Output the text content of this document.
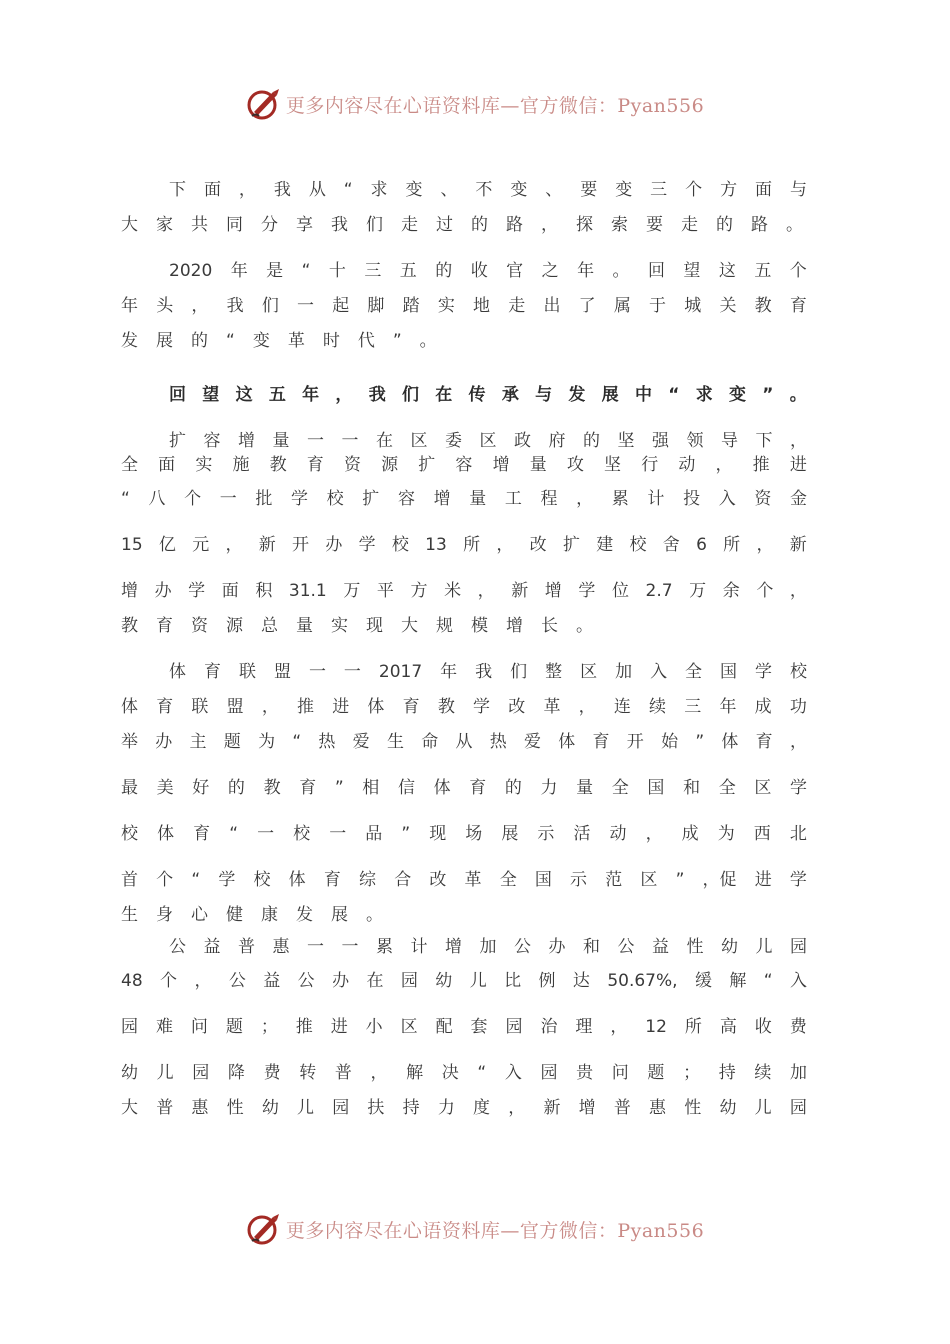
更多内容尽在心语资料库—官方微信：Pyan556
下 面 ， 我 从 “ 求 变 、 不 变 、 要 变 三 个 方 面 与
大 家 共 同 分 享 我 们 走 过 的 路 ， 探 索 要 走 的 路 。
2020 年 是 “ 十 三 五 的 收 官 之 年 。 回 望 这 五 个
年 头 ， 我 们 一 起 脚 踏 实 地 走 出 了 属 于 城 关 教 育
发 展 的 “ 变 革 时 代 ” 。
回 望 这 五 年 ， 我 们 在 传 承 与 发 展 中 “ 求 变 ” 。
扩 容 增 量 一 一 在 区 委 区 政 府 的 坚 强 领 导 下 ，
全 面 实 施 教 育 资 源 扩 容 增 量 攻 坚 行 动 ， 推 进
“ 八 个 一 批 学 校 扩 容 增 量 工 程 ， 累 计 投 入 资 金
15 亿 元 ， 新 开 办 学 校 13 所 ， 改 扩 建 校 舍 6 所 ， 新
增 办 学 面 积 31.1 万 平 方 米 ， 新 增 学 位 2.7 万 余 个 ，
教 育 资 源 总 量 实 现 大 规 模 增 长 。
体 育 联 盟 一 一 2017 年 我 们 整 区 加 入 全 国 学 校
体 育 联 盟 ， 推 进 体 育 教 学 改 革 ， 连 续 三 年 成 功
举 办 主 题 为 “ 热 爱 生 命 从 热 爱 体 育 开 始 ” 体 育 ，
最 美 好 的 教 育 ” 相 信 体 育 的 力 量 全 国 和 全 区 学
校 体 育 “ 一 校 一 品 ” 现 场 展 示 活 动 ， 成 为 西 北
首 个 “ 学 校 体 育 综 合 改 革 全 国 示 范 区 ” ，促 进 学
生 身 心 健 康 发 展 。
公 益 普 惠 一 一 累 计 增 加 公 办 和 公 益 性 幼 儿 园
48 个 ， 公 益 公 办 在 园 幼 儿 比 例 达 50.67%, 缓 解 “ 入
园 难 问 题 ； 推 进 小 区 配 套 园 治 理 ， 12 所 高 收 费
幼 儿 园 降 费 转 普 ， 解 决 “ 入 园 贵 问 题 ； 持 续 加
大 普 惠 性 幼 儿 园 扶 持 力 度 ， 新 增 普 惠 性 幼 儿 园
更多内容尽在心语资料库—官方微信：Pyan556
